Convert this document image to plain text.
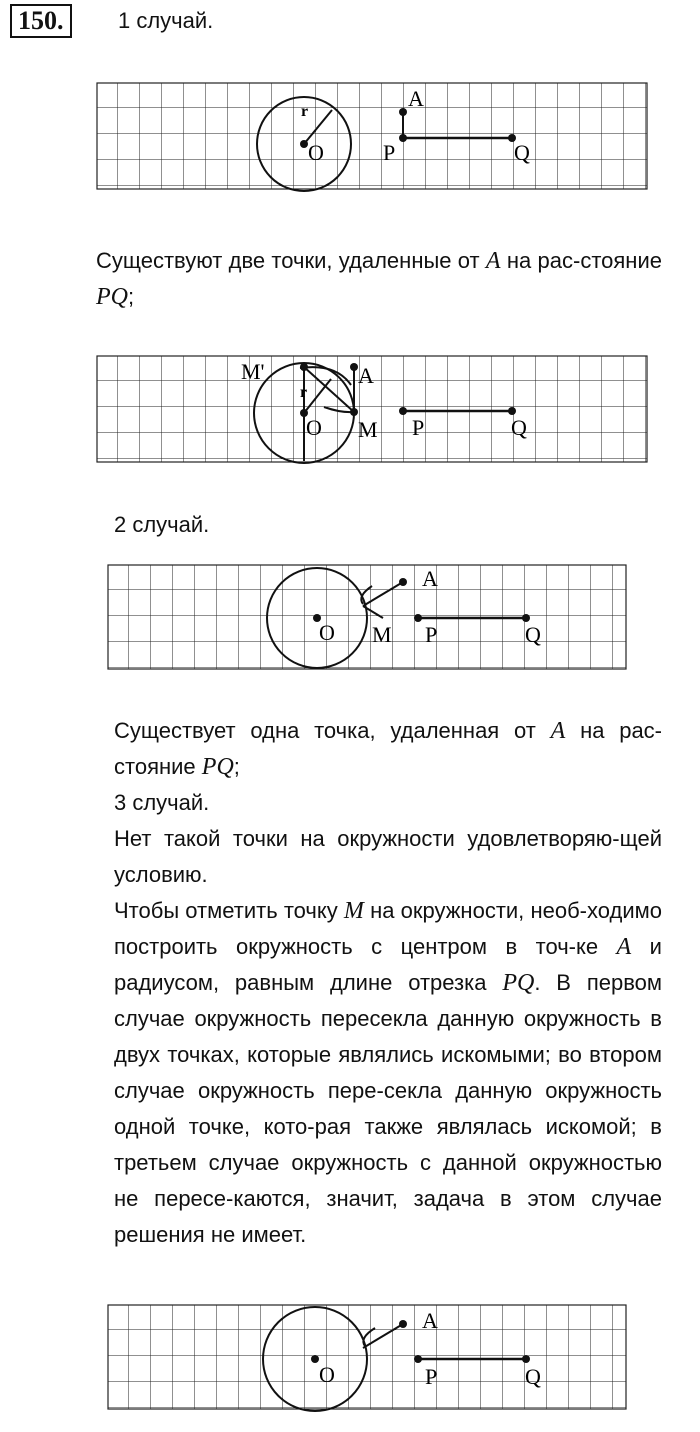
150.	1 случай.
r
O
A
P	Q
Существуют две точки, удаленные от A на рас-стояние PQ;
M'
r
A
O M P	Q
2 случай.
A
O M P	Q

Существует одна точка, удаленная от A на рас-стояние PQ;

3 случай.

Нет такой точки на окружности удовлетворяю-щей условию.

Чтобы отметить точку M на окружности, необ-ходимо построить окружность с центром в точ-ке A и радиусом, равным длине отрезка PQ. В первом случае окружность пересекла данную окружность в двух точках, которые являлись искомыми; во втором случае окружность пере-секла данную окружность одной точке, кото-рая также являлась искомой; в третьем случае окружность с данной окружностью не пересе-каются, значит, задача в этом случае решения не имеет.

A
O	P	Q
